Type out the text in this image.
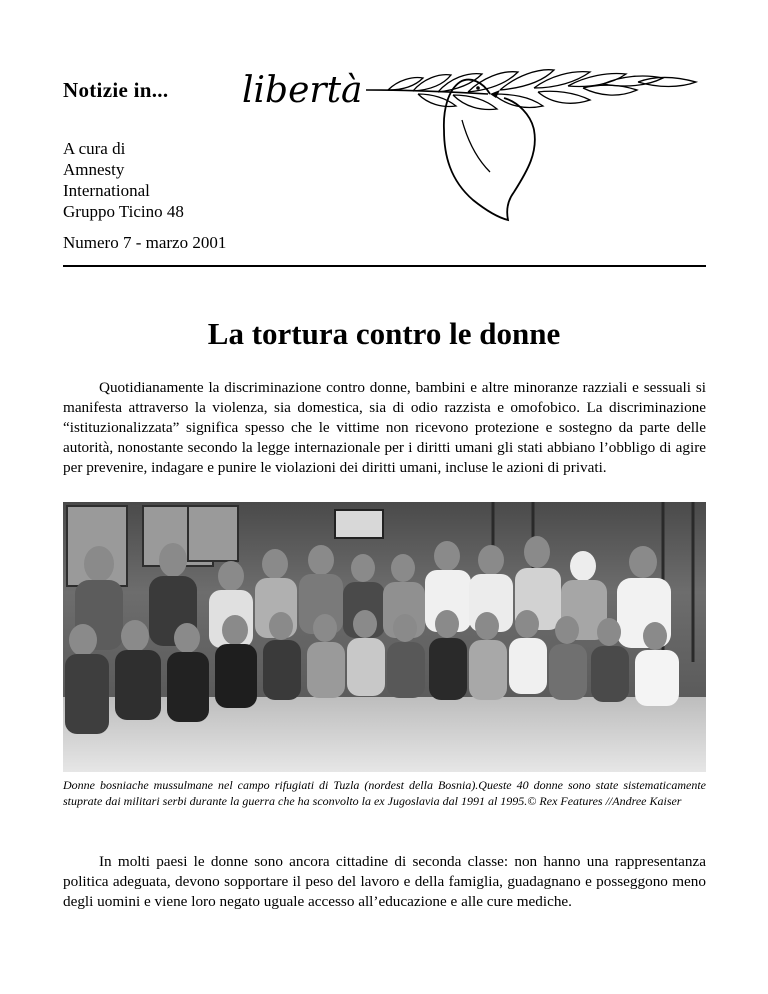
Notizie in... libertà
A cura di
Amnesty
International
Gruppo Ticino 48
Numero 7 - marzo 2001
La tortura contro le donne
Quotidianamente la discriminazione contro donne, bambini e altre minoranze razziali e sessuali si manifesta attraverso la violenza, sia domestica, sia di odio razzista e omofobico. La discriminazione “istituzionalizzata” significa spesso che le vittime non ricevono protezione e sostegno da parte delle autorità, nonostante secondo la legge internazionale per i diritti umani gli stati abbiano l’obbligo di agire per prevenire, indagare e punire le violazioni dei diritti umani, incluse le azioni di privati.
Donne bosniache mussulmane nel campo rifugiati di Tuzla (nordest della Bosnia).Queste 40 donne sono state sistematicamente stuprate dai militari serbi durante la guerra che ha sconvolto la ex Jugoslavia dal 1991 al 1995.© Rex Features //Andree Kaiser
In molti paesi le donne sono ancora cittadine di seconda classe: non hanno una rappresentanza politica adeguata, devono sopportare il peso del lavoro e della famiglia, guadagnano e posseggono meno degli uomini e viene loro negato uguale accesso all’educazione e alle cure mediche.
